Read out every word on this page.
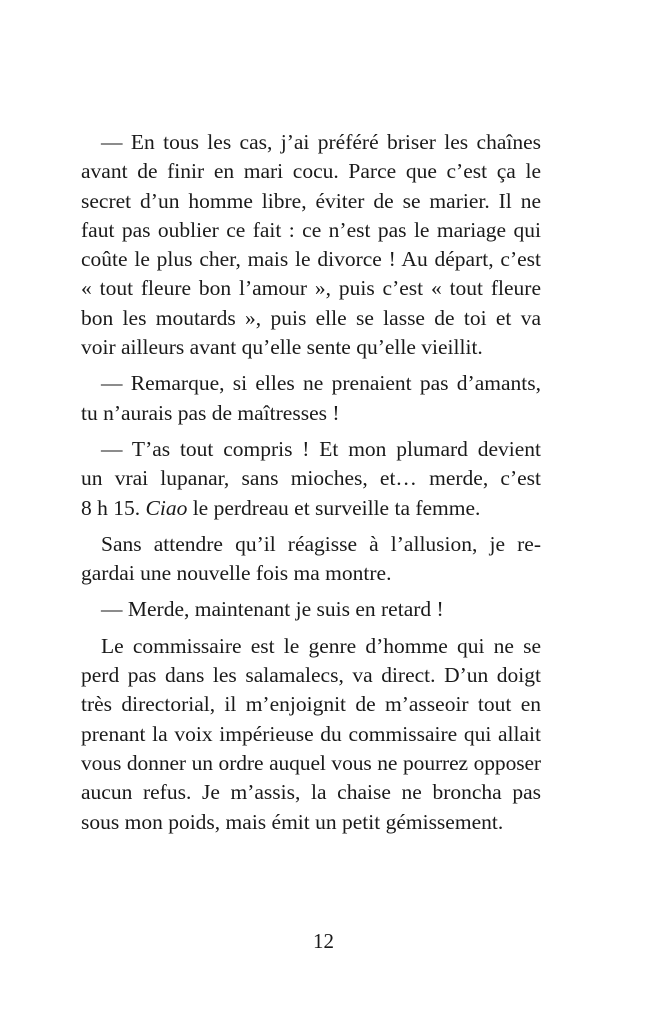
— En tous les cas, j’ai préféré briser les chaînes
avant de finir en mari cocu. Parce que c’est ça le
secret d’un homme libre, éviter de se marier. Il ne
faut pas oublier ce fait : ce n’est pas le mariage qui
coûte le plus cher, mais le divorce ! Au départ, c’est
« tout fleure bon l’amour », puis c’est « tout fleure
bon les moutards », puis elle se lasse de toi et va
voir ailleurs avant qu’elle sente qu’elle vieillit.

— Remarque, si elles ne prenaient pas d’amants,
tu n’aurais pas de maîtresses !

— T’as tout compris ! Et mon plumard devient
un vrai lupanar, sans mioches, et… merde, c’est
8 h 15. Ciao le perdreau et surveille ta femme.

Sans attendre qu’il réagisse à l’allusion, je re-
gardai une nouvelle fois ma montre.

— Merde, maintenant je suis en retard !

Le commissaire est le genre d’homme qui ne se
perd pas dans les salamalecs, va direct. D’un doigt
très directorial, il m’enjoignit de m’asseoir tout en
prenant la voix impérieuse du commissaire qui allait
vous donner un ordre auquel vous ne pourrez opposer
aucun refus. Je m’assis, la chaise ne broncha pas
sous mon poids, mais émit un petit gémissement.

12
